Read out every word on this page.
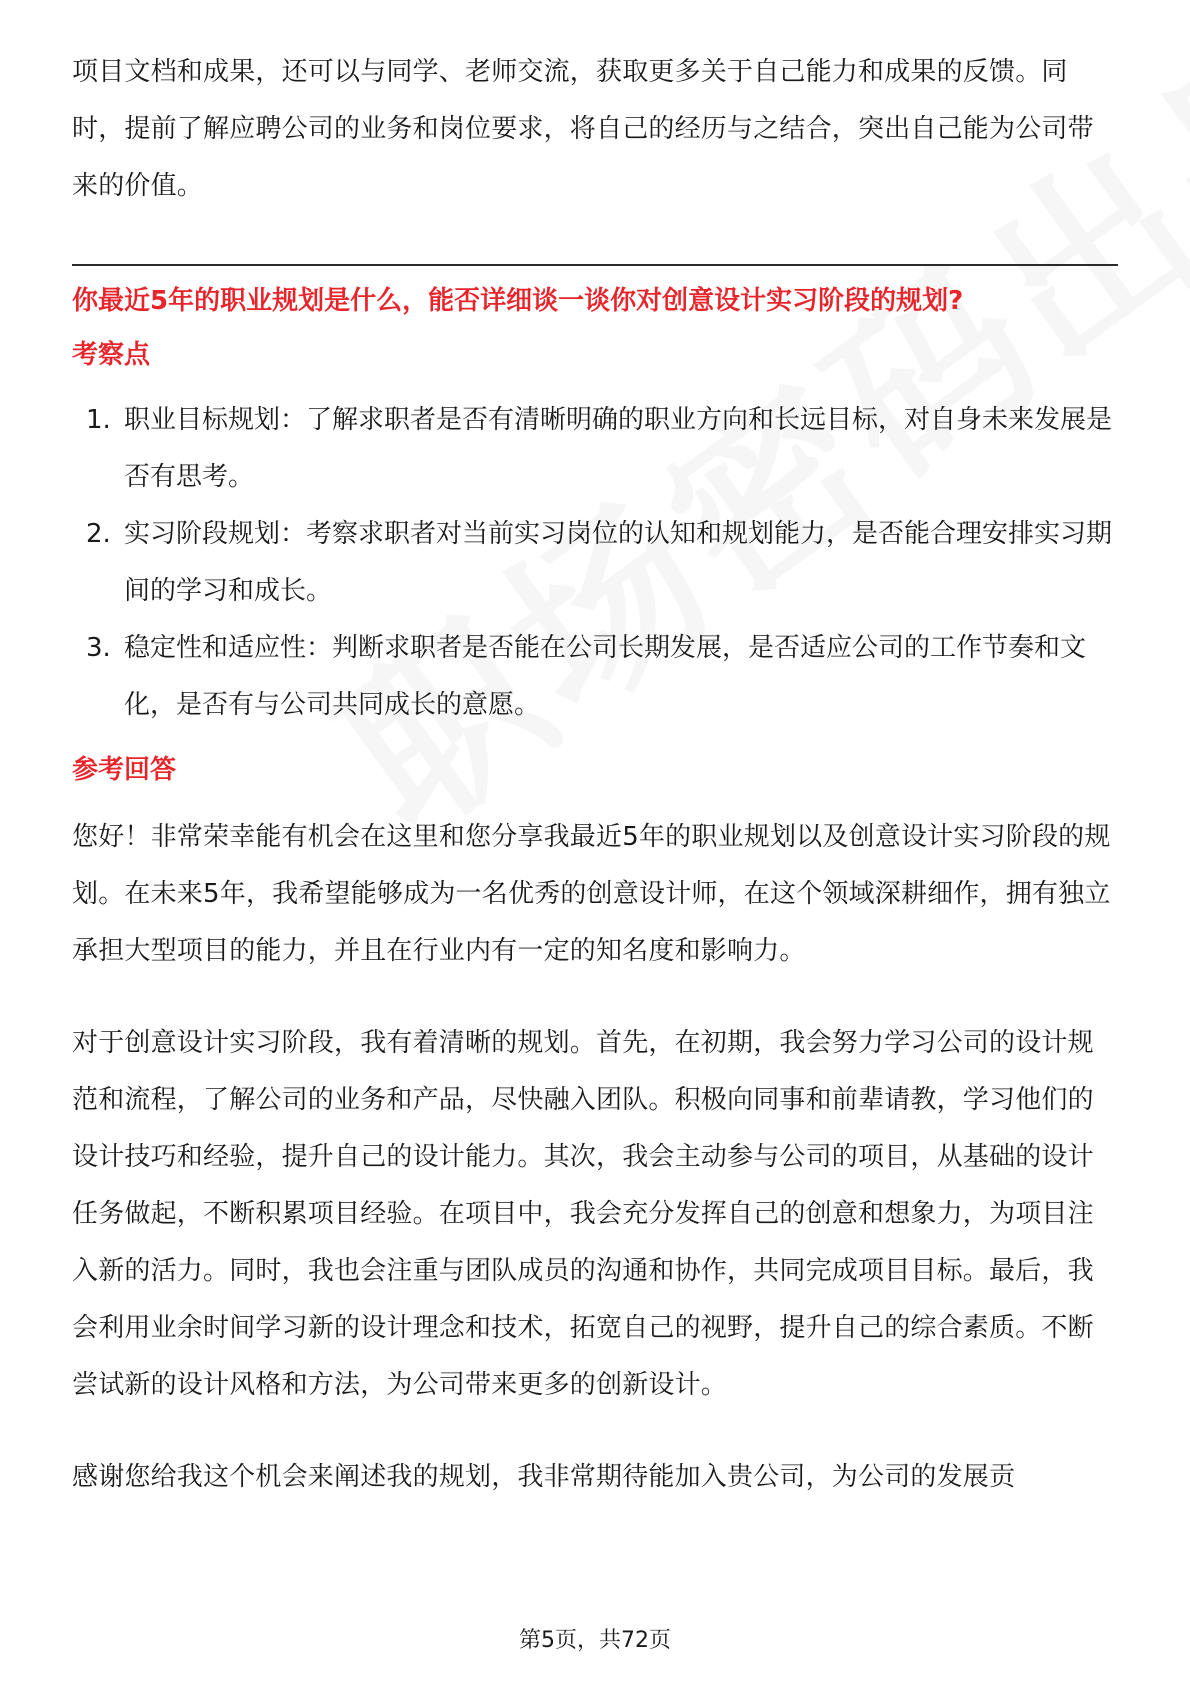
项目文档和成果，还可以与同学、老师交流，获取更多关于自己能力和成果的反馈。同时，提前了解应聘公司的业务和岗位要求，将自己的经历与之结合，突出自己能为公司带来的价值。

你最近5年的职业规划是什么，能否详细谈一谈你对创意设计实习阶段的规划?
考察点
1. 职业目标规划：了解求职者是否有清晰明确的职业方向和长远目标，对自身未来发展是否有思考。
2. 实习阶段规划：考察求职者对当前实习岗位的认知和规划能力，是否能合理安排实习期间的学习和成长。
3. 稳定性和适应性：判断求职者是否能在公司长期发展，是否适应公司的工作节奏和文化，是否有与公司共同成长的意愿。
参考回答

您好！非常荣幸能有机会在这里和您分享我最近5年的职业规划以及创意设计实习阶段的规划。在未来5年，我希望能够成为一名优秀的创意设计师，在这个领域深耕细作，拥有独立承担大型项目的能力，并且在行业内有一定的知名度和影响力。

对于创意设计实习阶段，我有着清晰的规划。首先，在初期，我会努力学习公司的设计规范和流程，了解公司的业务和产品，尽快融入团队。积极向同事和前辈请教，学习他们的设计技巧和经验，提升自己的设计能力。其次，我会主动参与公司的项目，从基础的设计任务做起，不断积累项目经验。在项目中，我会充分发挥自己的创意和想象力，为项目注入新的活力。同时，我也会注重与团队成员的沟通和协作，共同完成项目目标。最后，我会利用业余时间学习新的设计理念和技术，拓宽自己的视野，提升自己的综合素质。不断尝试新的设计风格和方法，为公司带来更多的创新设计。

感谢您给我这个机会来阐述我的规划，我非常期待能加入贵公司，为公司的发展贡

第5页，共72页
